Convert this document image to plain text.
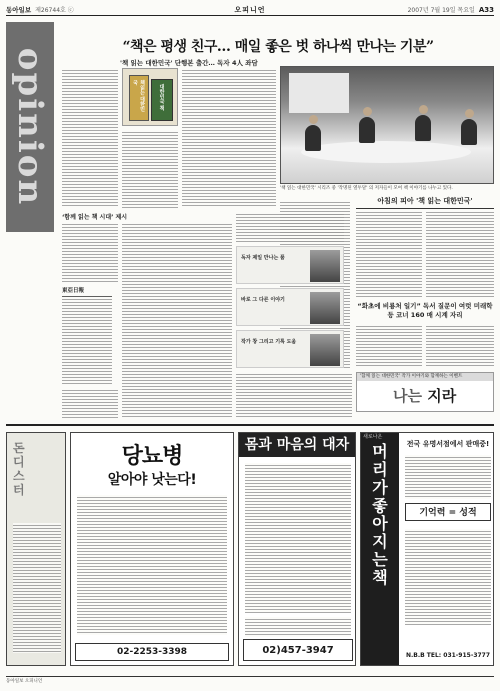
동아일보 제26744호 ⓒ	오피니언	2007년 7월 19일 목요일 A33
opinion
“책은 평생 친구… 매일 좋은 벗 하나씩 만나는 기분”
'책 읽는 대한민국' 단행본 출간… 독자 4人 좌담
책읽는 대한민국
대한민국 책
'책 읽는 대한민국' 시리즈 중 '작명된 열두달' 의 저자들이 모여 책 이야기를 나누고 있다.
‘함께 읽는 책 시대’ 제시
아침의 피아 '책 읽는 대한민국'
“화초에 비룡처 일기” 독서 질문이 여럿 미래학 등 코너 160 매 시계 자리
東亞日報
독자 제일 만나는 품
바로 그 다른 이야기
작가 창 그리고 기록 도움
'함께 읽는 대한민국' 작가 이야기와 함께하는 이벤트
나는 지라
돈
디
스
터
당뇨병
알아야 낫는다!
02-2253-3398
몸과 마음의 대자
02)457-3947
새로나온
머
리
가
좋
아
지
는
책
전국 유명서점에서 판매중!
기억력 = 성적
N.B.B TEL: 031-915-3777
동아일보 오피니언
